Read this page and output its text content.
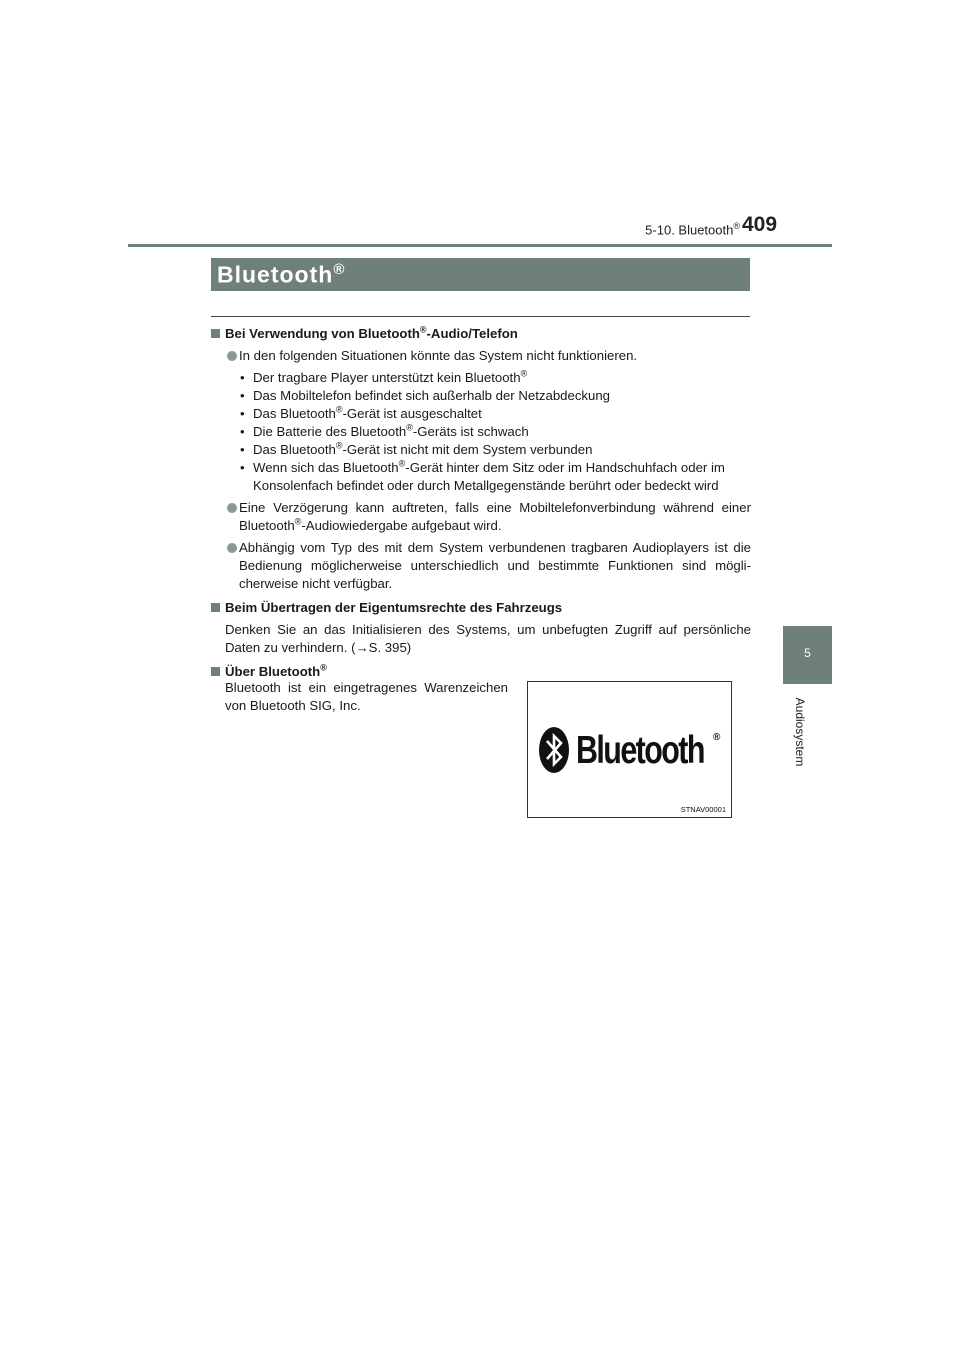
5-10. Bluetooth® 409
Bluetooth®
5
Audiosystem
Bei Verwendung von Bluetooth®-Audio/Telefon
In den folgenden Situationen könnte das System nicht funktionieren.
• Der tragbare Player unterstützt kein Bluetooth®
• Das Mobiltelefon befindet sich außerhalb der Netzabdeckung
• Das Bluetooth®-Gerät ist ausgeschaltet
• Die Batterie des Bluetooth®-Geräts ist schwach
• Das Bluetooth®-Gerät ist nicht mit dem System verbunden
• Wenn sich das Bluetooth®-Gerät hinter dem Sitz oder im Handschuhfach oder im Konsolenfach befindet oder durch Metallgegenstände berührt oder bedeckt wird
Eine Verzögerung kann auftreten, falls eine Mobiltelefonverbindung während einer Bluetooth®-Audiowiedergabe aufgebaut wird.
Abhängig vom Typ des mit dem System verbundenen tragbaren Audioplayers ist die Bedienung möglicherweise unterschiedlich und bestimmte Funktionen sind mögli-cherweise nicht verfügbar.
Beim Übertragen der Eigentumsrechte des Fahrzeugs
Denken Sie an das Initialisieren des Systems, um unbefugten Zugriff auf persönliche Daten zu verhindern. (→S. 395)
Über Bluetooth®
Bluetooth ist ein eingetragenes Warenzeichen von Bluetooth SIG, Inc.
Bluetooth ®
STNAV00001
